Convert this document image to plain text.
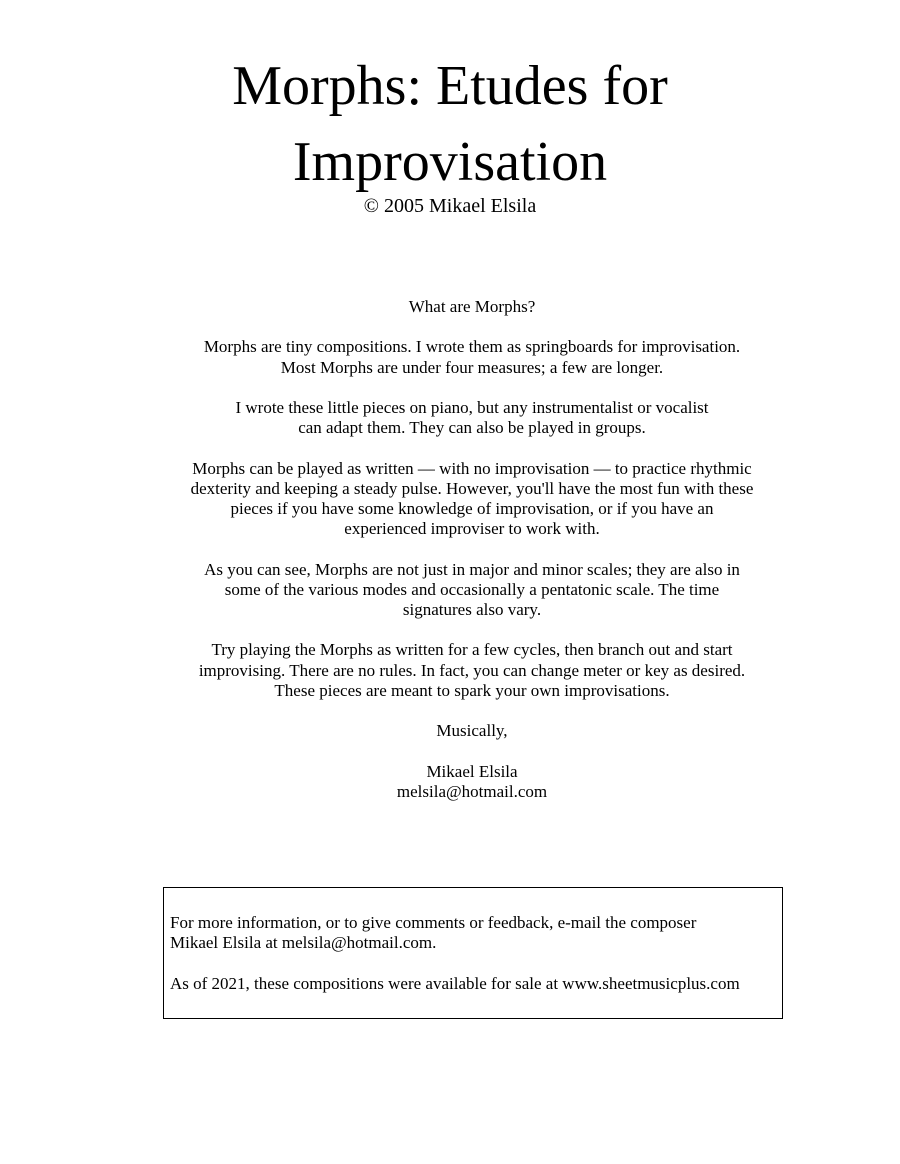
Morphs: Etudes for
Improvisation
© 2005 Mikael Elsila

What are Morphs?

Morphs are tiny compositions. I wrote them as springboards for improvisation.
Most Morphs are under four measures; a few are longer.

I wrote these little pieces on piano, but any instrumentalist or vocalist
can adapt them. They can also be played in groups.

Morphs can be played as written — with no improvisation — to practice rhythmic
dexterity and keeping a steady pulse. However, you'll have the most fun with these
pieces if you have some knowledge of improvisation, or if you have an
experienced improviser to work with.

As you can see, Morphs are not just in major and minor scales; they are also in
some of the various modes and occasionally a pentatonic scale. The time
signatures also vary.

Try playing the Morphs as written for a few cycles, then branch out and start
improvising. There are no rules. In fact, you can change meter or key as desired.
These pieces are meant to spark your own improvisations.

Musically,

Mikael Elsila
melsila@hotmail.com

For more information, or to give comments or feedback, e-mail the composer
Mikael Elsila at melsila@hotmail.com.

As of 2021, these compositions were available for sale at www.sheetmusicplus.com
